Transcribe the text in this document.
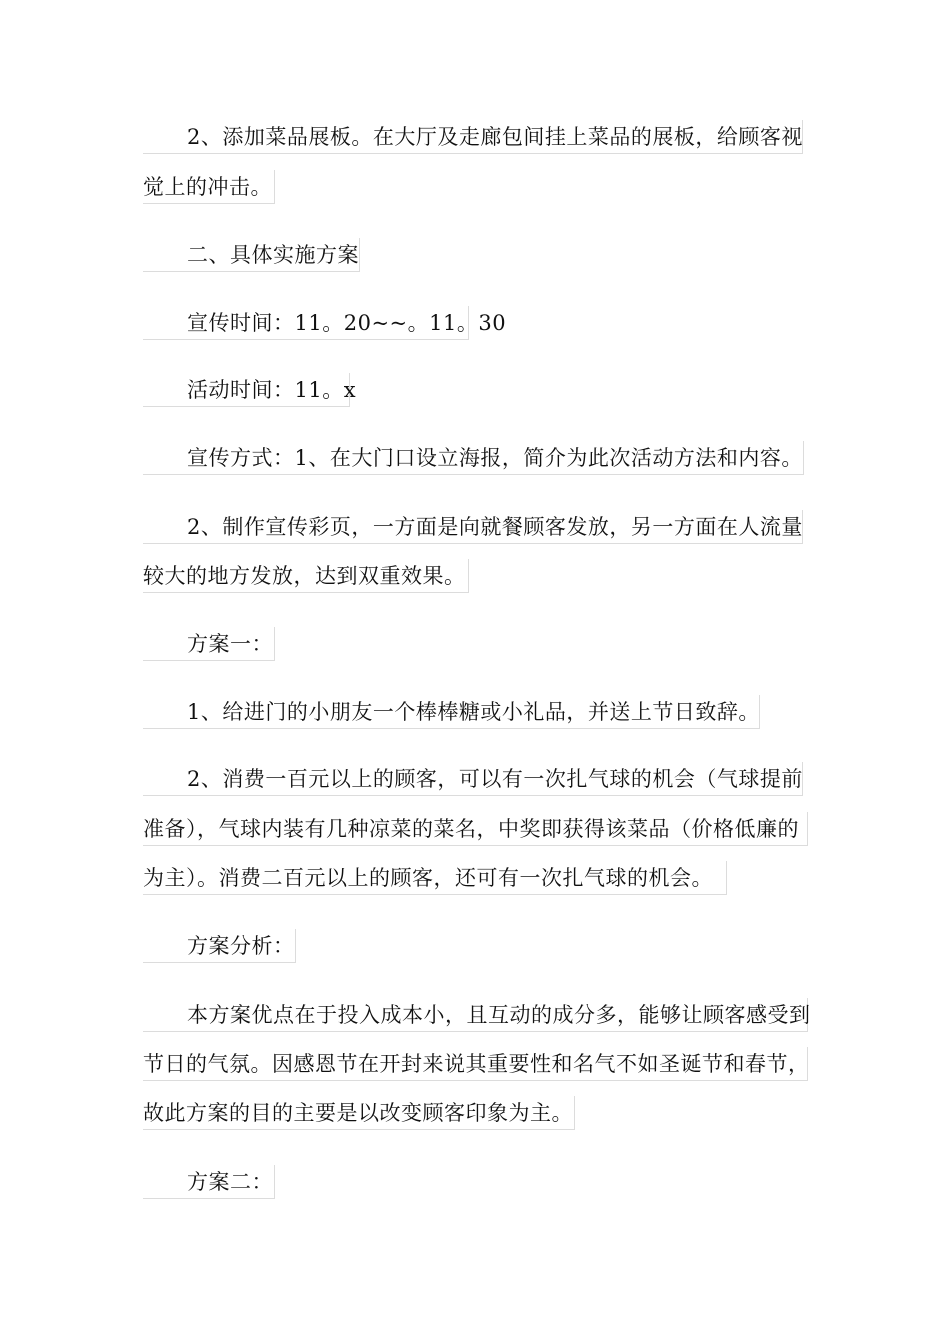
2、添加菜品展板。在大厅及走廊包间挂上菜品的展板，给顾客视
觉上的冲击。
二、具体实施方案
宣传时间：11。20~~。11。30
活动时间：11。x
宣传方式：1、在大门口设立海报，简介为此次活动方法和内容。
2、制作宣传彩页，一方面是向就餐顾客发放，另一方面在人流量
较大的地方发放，达到双重效果。
方案一：
1、给进门的小朋友一个棒棒糖或小礼品，并送上节日致辞。
2、消费一百元以上的顾客，可以有一次扎气球的机会（气球提前
准备），气球内装有几种凉菜的菜名，中奖即获得该菜品（价格低廉的
为主）。消费二百元以上的顾客，还可有一次扎气球的机会。
方案分析：
本方案优点在于投入成本小，且互动的成分多，能够让顾客感受到
节日的气氛。因感恩节在开封来说其重要性和名气不如圣诞节和春节，
故此方案的目的主要是以改变顾客印象为主。
方案二：
